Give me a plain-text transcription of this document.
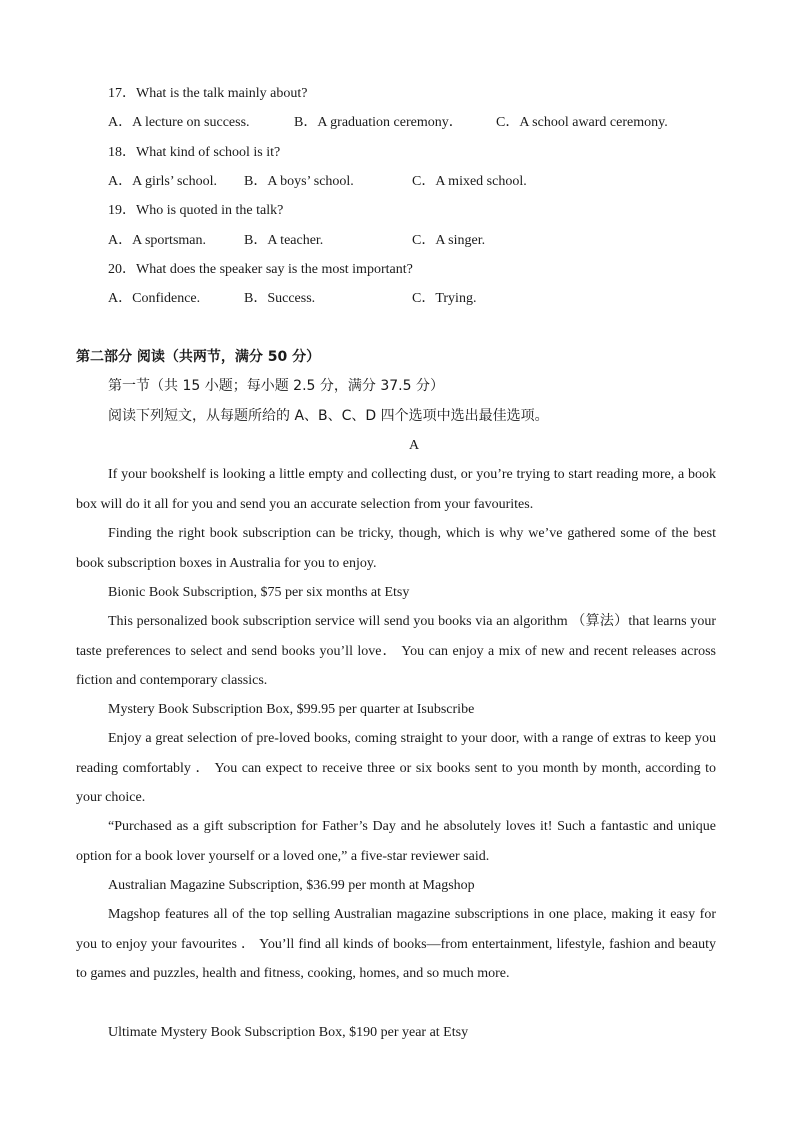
17．What is the talk mainly about?
A．A lecture on success.	B．A graduation ceremony． C．A school award ceremony.
18．What kind of school is it?
A．A girls’ school. B．A boys’ school.	C．A mixed school.
19．Who is quoted in the talk?
A．A sportsman.	B．A teacher.	C．A singer.
20．What does the speaker say is the most important?
A．Confidence.	B．Success.	C．Trying.
第二部分 阅读（共两节，满分 50 分）
第一节（共 15 小题；每小题 2.5 分，满分 37.5 分）
阅读下列短文，从每题所给的 A、B、C、D 四个选项中选出最佳选项。
A
If your bookshelf is looking a little empty and collecting dust, or you’re trying to start reading more, a book box will do it all for you and send you an accurate selection from your favourites.
Finding the right book subscription can be tricky, though, which is why we’ve gathered some of the best book subscription boxes in Australia for you to enjoy.
Bionic Book Subscription, $75 per six months at Etsy
This personalized book subscription service will send you books via an algorithm （算法）that learns your taste preferences to select and send books you’ll love． You can enjoy a mix of new and recent releases across fiction and contemporary classics.
Mystery Book Subscription Box, $99.95 per quarter at Isubscribe
Enjoy a great selection of pre-loved books, coming straight to your door, with a range of extras to keep you reading comfortably ． You can expect to receive three or six books sent to you month by month, according to your choice.
“Purchased as a gift subscription for Father’s Day and he absolutely loves it! Such a fantastic and unique option for a book lover yourself or a loved one,” a five-star reviewer said.
Australian Magazine Subscription, $36.99 per month at Magshop
Magshop features all of the top selling Australian magazine subscriptions in one place, making it easy for you to enjoy your favourites ． You’ll find all kinds of books—from entertainment, lifestyle, fashion and beauty to games and puzzles, health and fitness, cooking, homes, and so much more.
Ultimate Mystery Book Subscription Box, $190 per year at Etsy
